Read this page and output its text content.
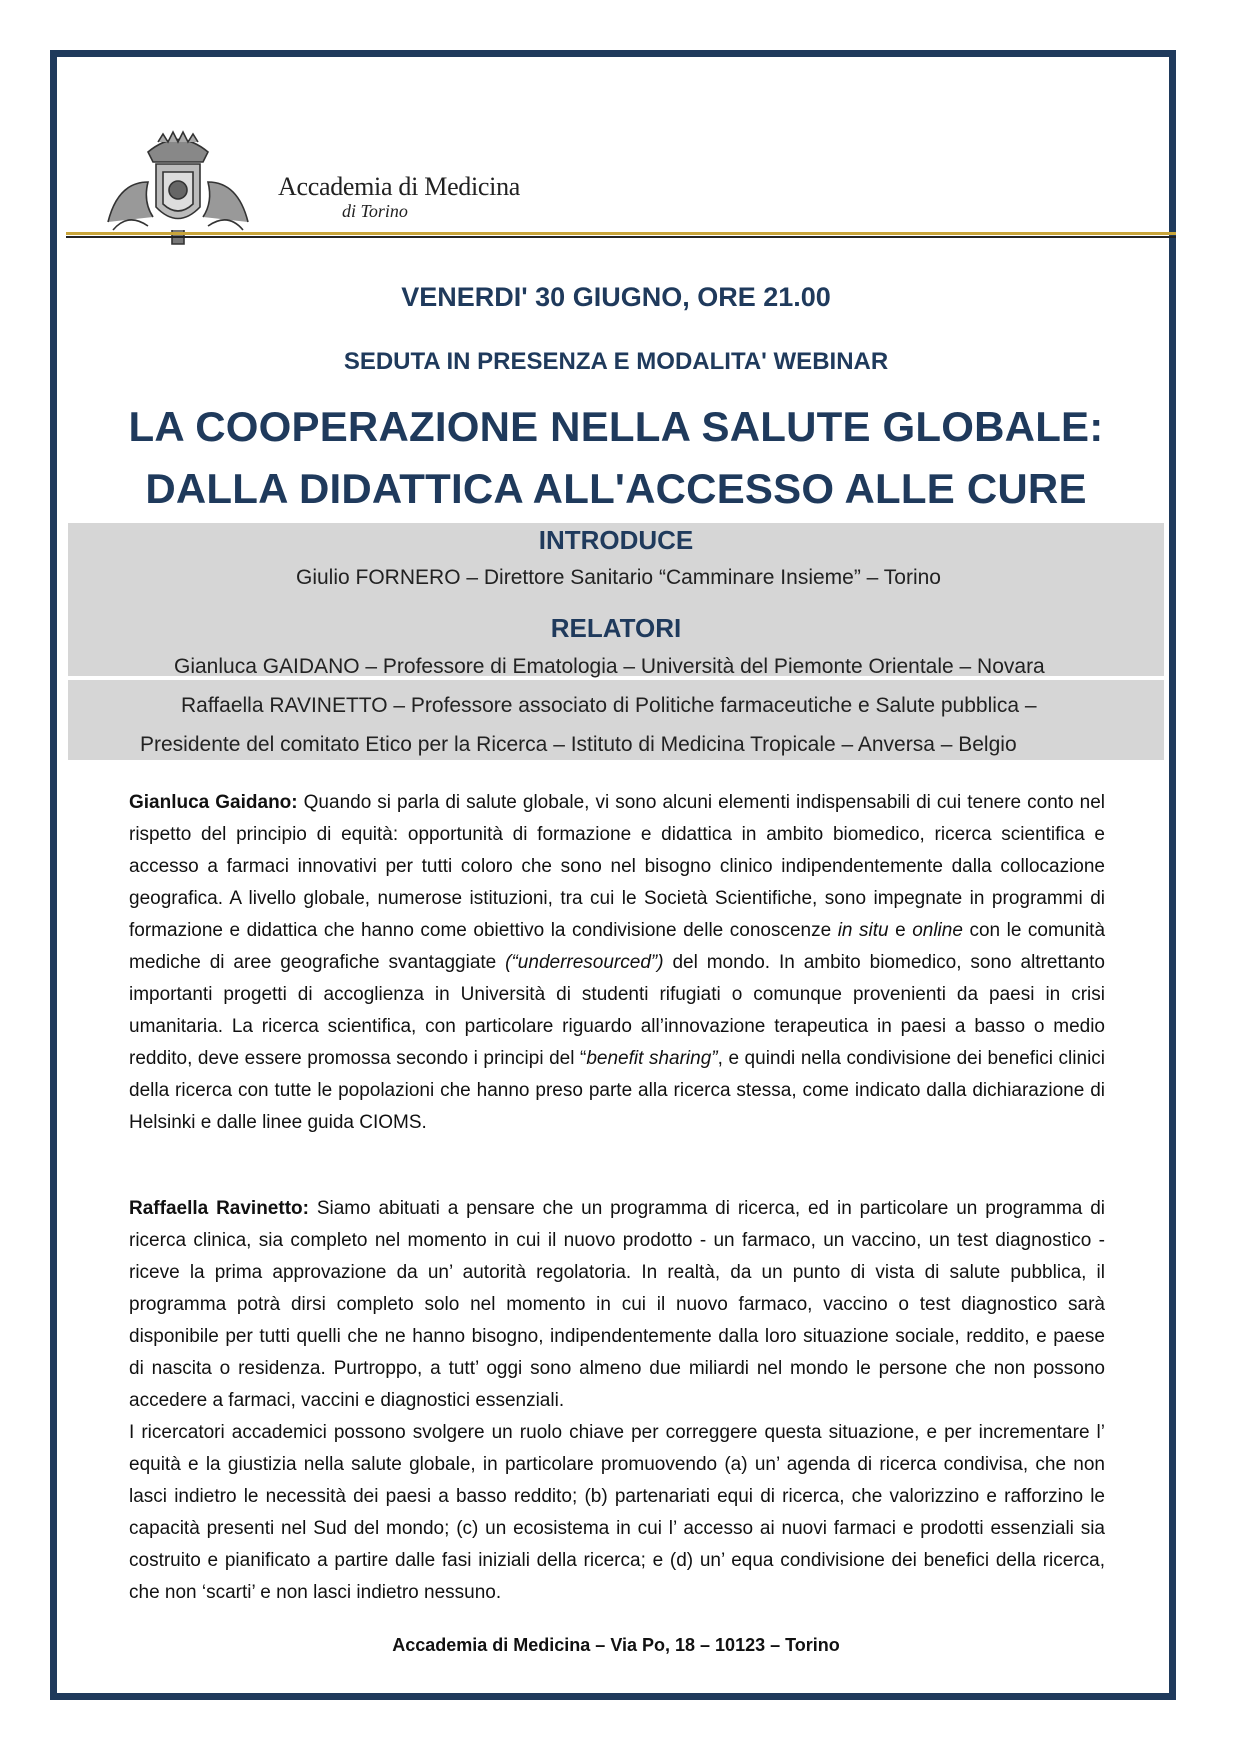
Accademia di Medicina
di Torino
VENERDI' 30 GIUGNO, ORE 21.00
SEDUTA IN PRESENZA E MODALITA' WEBINAR
LA COOPERAZIONE NELLA SALUTE GLOBALE:
DALLA DIDATTICA ALL'ACCESSO ALLE CURE
INTRODUCE
Giulio FORNERO – Direttore Sanitario “Camminare Insieme” – Torino
RELATORI
Gianluca GAIDANO – Professore di Ematologia – Università del Piemonte Orientale – Novara
Raffaella RAVINETTO – Professore associato di Politiche farmaceutiche e Salute pubblica –
Presidente del comitato Etico per la Ricerca – Istituto di Medicina Tropicale – Anversa – Belgio

Gianluca Gaidano: Quando si parla di salute globale, vi sono alcuni elementi indispensabili di cui tenere conto nel rispetto del principio di equità: opportunità di formazione e didattica in ambito biomedico, ricerca scientifica e accesso a farmaci innovativi per tutti coloro che sono nel bisogno clinico indipendentemente dalla collocazione geografica. A livello globale, numerose istituzioni, tra cui le Società Scientifiche, sono impegnate in programmi di formazione e didattica che hanno come obiettivo la condivisione delle conoscenze in situ e online con le comunità mediche di aree geografiche svantaggiate (“underresourced”) del mondo. In ambito biomedico, sono altrettanto importanti progetti di accoglienza in Università di studenti rifugiati o comunque provenienti da paesi in crisi umanitaria. La ricerca scientifica, con particolare riguardo all’innovazione terapeutica in paesi a basso o medio reddito, deve essere promossa secondo i principi del “benefit sharing”, e quindi nella condivisione dei benefici clinici della ricerca con tutte le popolazioni che hanno preso parte alla ricerca stessa, come indicato dalla dichiarazione di Helsinki e dalle linee guida CIOMS.

Raffaella Ravinetto: Siamo abituati a pensare che un programma di ricerca, ed in particolare un programma di ricerca clinica, sia completo nel momento in cui il nuovo prodotto - un farmaco, un vaccino, un test diagnostico - riceve la prima approvazione da un’ autorità regolatoria. In realtà, da un punto di vista di salute pubblica, il programma potrà dirsi completo solo nel momento in cui il nuovo farmaco, vaccino o test diagnostico sarà disponibile per tutti quelli che ne hanno bisogno, indipendentemente dalla loro situazione sociale, reddito, e paese di nascita o residenza. Purtroppo, a tutt’ oggi sono almeno due miliardi nel mondo le persone che non possono accedere a farmaci, vaccini e diagnostici essenziali.

I ricercatori accademici possono svolgere un ruolo chiave per correggere questa situazione, e per incrementare l’ equità e la giustizia nella salute globale, in particolare promuovendo (a) un’ agenda di ricerca condivisa, che non lasci indietro le necessità dei paesi a basso reddito; (b) partenariati equi di ricerca, che valorizzino e rafforzino le capacità presenti nel Sud del mondo; (c) un ecosistema in cui l’ accesso ai nuovi farmaci e prodotti essenziali sia costruito e pianificato a partire dalle fasi iniziali della ricerca; e (d) un’ equa condivisione dei benefici della ricerca, che non ‘scarti’ e non lasci indietro nessuno.

Accademia di Medicina – Via Po, 18 – 10123 – Torino
